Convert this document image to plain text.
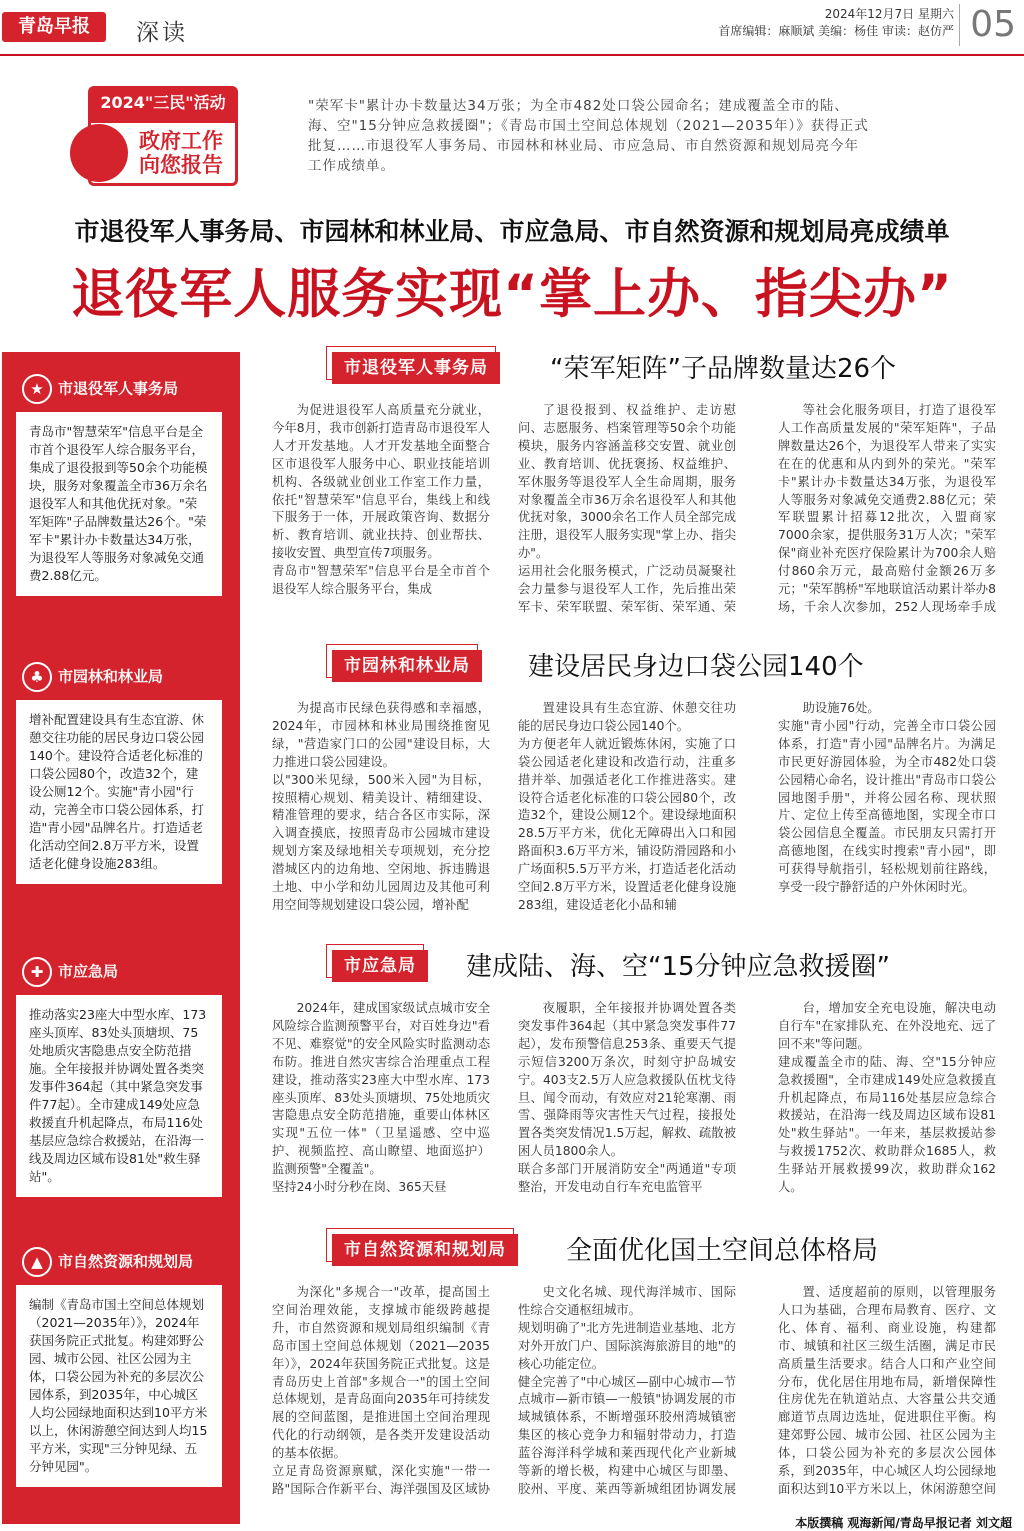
青岛早报	深读
2024年12月7日 星期六
首席编辑：麻顺斌 美编：杨佳 审读：赵仿严 05
2024"三民"活动
政府工作 向您报告
"荣军卡"累计办卡数量达34万张；为全市482处口袋公园命名；建成覆盖全市的陆、海、空"15分钟应急救援圈"；《青岛市国土空间总体规划（2021—2035年）》获得正式批复……市退役军人事务局、市园林和林业局、市应急局、市自然资源和规划局亮今年工作成绩单。
市退役军人事务局、市园林和林业局、市应急局、市自然资源和规划局亮成绩单
退役军人服务实现“掌上办、指尖办”
★ 市退役军人事务局
青岛市"智慧荣军"信息平台是全市首个退役军人综合服务平台，集成了退役报到等50余个功能模块，服务对象覆盖全市36万余名退役军人和其他优抚对象。"荣军矩阵"子品牌数量达26个。"荣军卡"累计办卡数量达34万张，为退役军人等服务对象减免交通费2.88亿元。
♣ 市园林和林业局
增补配置建设具有生态宜游、休憩交往功能的居民身边口袋公园140个。建设符合适老化标准的口袋公园80个，改造32个，建设公厕12个。实施"青小园"行动，完善全市口袋公园体系，打造"青小园"品牌名片。打造适老化活动空间2.8万平方米，设置适老化健身设施283组。
✚ 市应急局
推动落实23座大中型水库、173座头顶库、83处头顶塘坝、75处地质灾害隐患点安全防范措施。全年接报并协调处置各类突发事件364起（其中紧急突发事件77起）。全市建成149处应急救援直升机起降点，布局116处基层应急综合救援站，在沿海一线及周边区域布设81处"救生驿站"。
▲ 市自然资源和规划局
编制《青岛市国土空间总体规划（2021—2035年）》，2024年获国务院正式批复。构建郊野公园、城市公园、社区公园为主体，口袋公园为补充的多层次公园体系，到2035年，中心城区人均公园绿地面积达到10平方米以上，休闲游憩空间达到人均15平方米，实现"三分钟见绿、五分钟见园"。
市退役军人事务局	“荣军矩阵”子品牌数量达26个
为促进退役军人高质量充分就业，今年8月，我市创新打造青岛市退役军人人才开发基地。人才开发基地全面整合区市退役军人服务中心、职业技能培训机构、各级就业创业工作室工作力量，依托"智慧荣军"信息平台，集线上和线下服务于一体，开展政策咨询、数据分析、教育培训、就业扶持、创业帮扶、接收安置、典型宣传7项服务。
青岛市"智慧荣军"信息平台是全市首个退役军人综合服务平台，集成
了退役报到、权益维护、走访慰问、志愿服务、档案管理等50余个功能模块，服务内容涵盖移交安置、就业创业、教育培训、优抚褒扬、权益维护、军休服务等退役军人全生命周期，服务对象覆盖全市36万余名退役军人和其他优抚对象，3000余名工作人员全部完成注册，退役军人服务实现"掌上办、指尖办"。
运用社会化服务模式，广泛动员凝聚社会力量参与退役军人工作，先后推出荣军卡、荣军联盟、荣军街、荣军通、荣
等社会化服务项目，打造了退役军人工作高质量发展的"荣军矩阵"，子品牌数量达26个，为退役军人带来了实实在在的优惠和从内到外的荣光。"荣军卡"累计办卡数量达34万张，为退役军人等服务对象减免交通费2.88亿元；荣军联盟累计招募12批次，入盟商家7000余家，提供服务31万人次；"荣军保"商业补充医疗保险累计为700余人赔付860余万元，最高赔付金额26万多元；"荣军鹊桥"军地联谊活动累计举办8场，千余人次参加，252人现场牵手成
市园林和林业局	建设居民身边口袋公园140个
为提高市民绿色获得感和幸福感，2024年，市园林和林业局围绕推窗见绿，"营造家门口的公园"建设目标，大力推进口袋公园建设。
以"300米见绿，500米入园"为目标，按照精心规划、精美设计、精细建设、精准管理的要求，结合各区市实际，深入调查摸底，按照青岛市公园城市建设规划方案及绿地相关专项规划，充分挖潜城区内的边角地、空闲地、拆违腾退土地、中小学和幼儿园周边及其他可利用空间等规划建设口袋公园，增补配
置建设具有生态宜游、休憩交往功能的居民身边口袋公园140个。
为方便老年人就近锻炼休闲，实施了口袋公园适老化建设和改造行动，注重多措并举、加强适老化工作推进落实。建设符合适老化标准的口袋公园80个，改造32个，建设公厕12个。建设绿地面积28.5万平方米，优化无障碍出入口和园路面积3.6万平方米，铺设防滑园路和小广场面积5.5万平方米，打造适老化活动空间2.8万平方米，设置适老化健身设施283组，建设适老化小品和辅
助设施76处。
实施"青小园"行动，完善全市口袋公园体系，打造"青小园"品牌名片。为满足市民更好游园体验，为全市482处口袋公园精心命名，设计推出"青岛市口袋公园地图手册"，并将公园名称、现状照片、定位上传至高德地图，实现全市口袋公园信息全覆盖。市民朋友只需打开高德地图，在线实时搜索"青小园"，即可获得导航指引，轻松规划前往路线，享受一段宁静舒适的户外休闲时光。
市应急局	建成陆、海、空“15分钟应急救援圈”
2024年，建成国家级试点城市安全风险综合监测预警平台，对百姓身边"看不见、难察觉"的安全风险实时监测动态布防。推进自然灾害综合治理重点工程建设，推动落实23座大中型水库、173座头顶库、83处头顶塘坝、75处地质灾害隐患点安全防范措施，重要山体林区实现"五位一体"（卫星遥感、空中巡护、视频监控、高山瞭望、地面巡护）监测预警"全覆盖"。
坚持24小时分秒在岗、365天昼
夜履职，全年接报并协调处置各类突发事件364起（其中紧急突发事件77起），发布预警信息253条、重要天气提示短信3200万条次，时刻守护岛城安宁。403支2.5万人应急救援队伍枕戈待旦、闻令而动，有效应对21轮寒潮、雨雪、强降雨等灾害性天气过程，接报处置各类突发情况1.5万起，解救、疏散被困人员1800余人。
联合多部门开展消防安全"两通道"专项整治，开发电动自行车充电监管平
台，增加安全充电设施，解决电动自行车"在家排队充、在外没地充、远了回不来"等问题。
建成覆盖全市的陆、海、空"15分钟应急救援圈"，全市建成149处应急救援直升机起降点，布局116处基层应急综合救援站，在沿海一线及周边区域布设81处"救生驿站"。一年来，基层救援站参与救援1752次、救助群众1685人，救生驿站开展救援99次，救助群众162人。
市自然资源和规划局	全面优化国土空间总体格局
为深化"多规合一"改革，提高国土空间治理效能，支撑城市能级跨越提升，市自然资源和规划局组织编制《青岛市国土空间总体规划（2021—2035年）》，2024年获国务院正式批复。这是青岛历史上首部"多规合一"的国土空间总体规划，是青岛面向2035年可持续发展的空间蓝图，是推进国土空间治理现代化的行动纲领，是各类开发建设活动的基本依据。
立足青岛资源禀赋，深化实施"一带一路"国际合作新平台、海洋强国及区域协
史文化名城、现代海洋城市、国际性综合交通枢纽城市。
规划明确了"北方先进制造业基地、北方对外开放门户、国际滨海旅游目的地"的核心功能定位。
健全完善了"中心城区—副中心城市—节点城市—新市镇—一般镇"协调发展的市域城镇体系，不断增强环胶州湾城镇密集区的核心竞争力和辐射带动力，打造蓝谷海洋科学城和莱西现代化产业新城等新的增长极，构建中心城区与即墨、胶州、平度、莱西等新城组团协调发展

置、适度超前的原则，以管理服务人口为基础，合理布局教育、医疗、文化、体育、福利、商业设施，构建都市、城镇和社区三级生活圈，满足市民高质量生活要求。结合人口和产业空间分布，优化居住用地布局，新增保障性住房优先在轨道站点、大容量公共交通廊道节点周边选址，促进职住平衡。构建郊野公园、城市公园、社区公园为主体，口袋公园为补充的多层次公园体系，到2035年，中心城区人均公园绿地面积达到10平方米以上，休闲游憩空间
本版撰稿 观海新闻/青岛早报记者 刘文超
